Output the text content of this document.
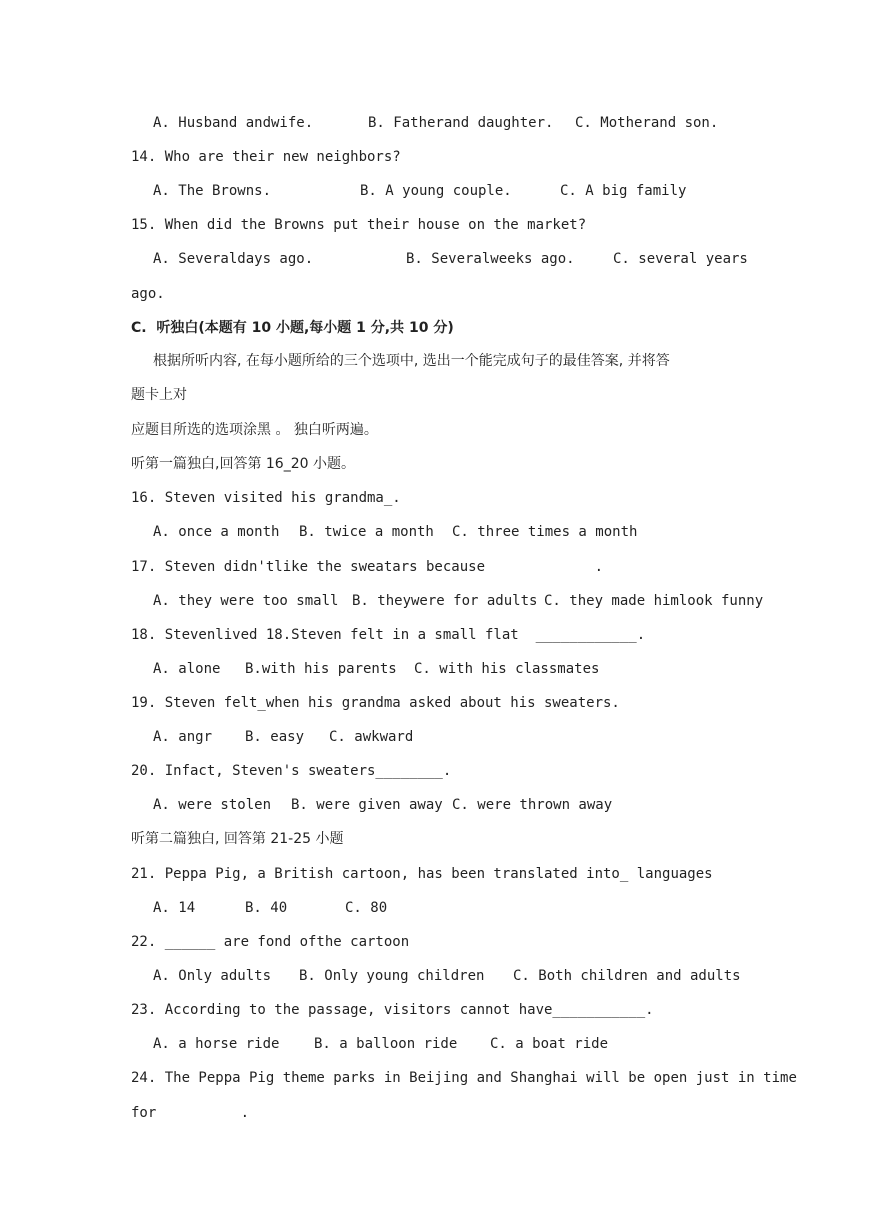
A. Husband andwife.	B. Fatherand daughter. C. Motherand son.
14. Who are their new neighbors?
A. The Browns.	B. A young couple.	C. A big family
15. When did the Browns put their house on the market?
A. Severaldays ago.	B. Severalweeks ago.	C. several years
ago.
C.  听独白(本题有 10 小题,每小题 1 分,共 10 分)
根据所听内容, 在每小题所给的三个选项中, 选出一个能完成句子的最佳答案, 并将答
题卡上对
应题目所选的选项涂黑 。 独白听两遍。
听第一篇独白,回答第 16_20 小题。
16. Steven visited his grandma_.
A. once a month B. twice a month C. three times a month
17. Steven didn'tlike the sweatars because             .
A. they were too small B. theywere for adults C. they made himlook funny
18. Stevenlived 18.Steven felt in a small flat  ____________.
A. alone B.with his parents C. with his classmates
19. Steven felt_when his grandma asked about his sweaters.
A. angr B. easy C. awkward
20. Infact, Steven's sweaters________.
A. were stolen B. were given away C. were thrown away
听第二篇独白, 回答第 21-25 小题
21. Peppa Pig, a British cartoon, has been translated into_ languages
A. 14	B. 40	C. 80
22. ______ are fond ofthe cartoon
A. Only adults B. Only young children C. Both children and adults
23. According to the passage, visitors cannot have___________.
A. a horse ride B. a balloon ride C. a boat ride
24. The Peppa Pig theme parks in Beijing and Shanghai will be open just in time
for          .
